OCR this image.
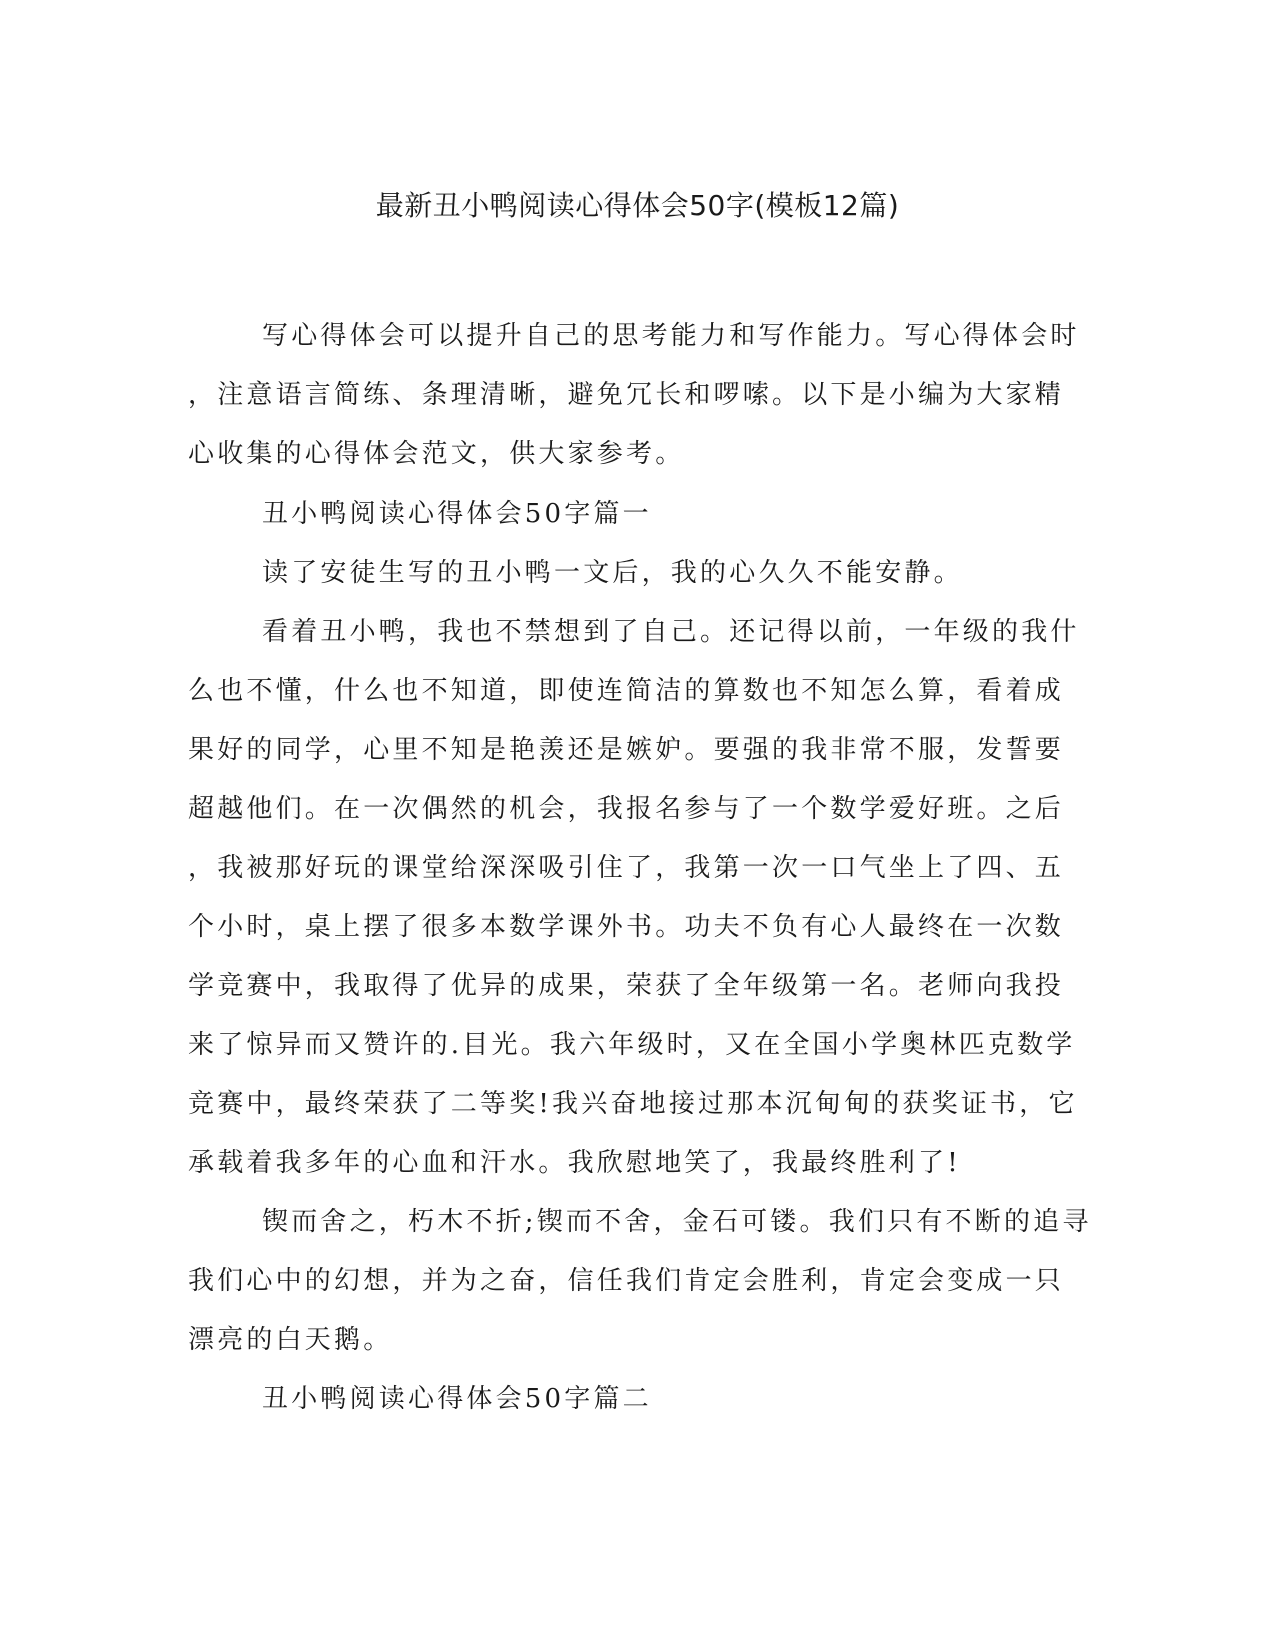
最新丑小鸭阅读心得体会50字(模板12篇)
写心得体会可以提升自己的思考能力和写作能力。写心得体会时
，注意语言简练、条理清晰，避免冗长和啰嗦。以下是小编为大家精
心收集的心得体会范文，供大家参考。
丑小鸭阅读心得体会50字篇一
读了安徒生写的丑小鸭一文后，我的心久久不能安静。
看着丑小鸭，我也不禁想到了自己。还记得以前，一年级的我什
么也不懂，什么也不知道，即使连简洁的算数也不知怎么算，看着成
果好的同学，心里不知是艳羡还是嫉妒。要强的我非常不服，发誓要
超越他们。在一次偶然的机会，我报名参与了一个数学爱好班。之后
，我被那好玩的课堂给深深吸引住了，我第一次一口气坐上了四、五
个小时，桌上摆了很多本数学课外书。功夫不负有心人最终在一次数
学竞赛中，我取得了优异的成果，荣获了全年级第一名。老师向我投
来了惊异而又赞许的.目光。我六年级时，又在全国小学奥林匹克数学
竞赛中，最终荣获了二等奖!我兴奋地接过那本沉甸甸的获奖证书，它
承载着我多年的心血和汗水。我欣慰地笑了，我最终胜利了!
锲而舍之，朽木不折;锲而不舍，金石可镂。我们只有不断的追寻
我们心中的幻想，并为之奋，信任我们肯定会胜利，肯定会变成一只
漂亮的白天鹅。
丑小鸭阅读心得体会50字篇二
